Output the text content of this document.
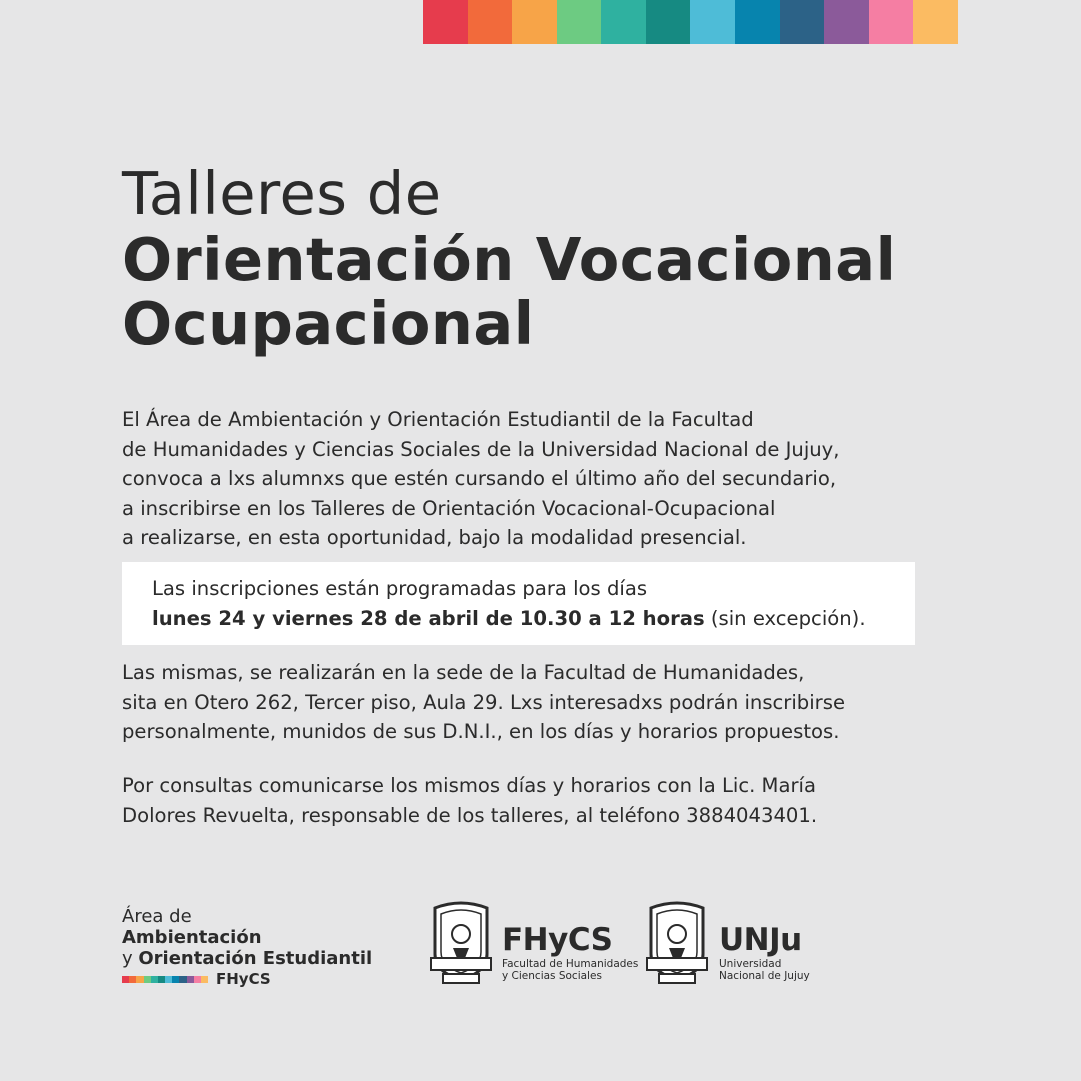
Talleres de
Orientación Vocacional
Ocupacional

El Área de Ambientación y Orientación Estudiantil de la Facultad
de Humanidades y Ciencias Sociales de la Universidad Nacional de Jujuy,
convoca a lxs alumnxs que estén cursando el último año del secundario,
a inscribirse en los Talleres de Orientación Vocacional-Ocupacional
a realizarse, en esta oportunidad, bajo la modalidad presencial.

Las inscripciones están programadas para los días
lunes 24 y viernes 28 de abril de 10.30 a 12 horas (sin excepción).

Las mismas, se realizarán en la sede de la Facultad de Humanidades,
sita en Otero 262, Tercer piso, Aula 29. Lxs interesadxs podrán inscribirse
personalmente, munidos de sus D.N.I., en los días y horarios propuestos.

Por consultas comunicarse los mismos días y horarios con la Lic. María
Dolores Revuelta, responsable de los talleres, al teléfono 3884043401.

Área de
Ambientación
y Orientación Estudiantil
FHyCS
FHyCS
Facultad de Humanidades
y Ciencias Sociales
UNJu
Universidad
Nacional de Jujuy
